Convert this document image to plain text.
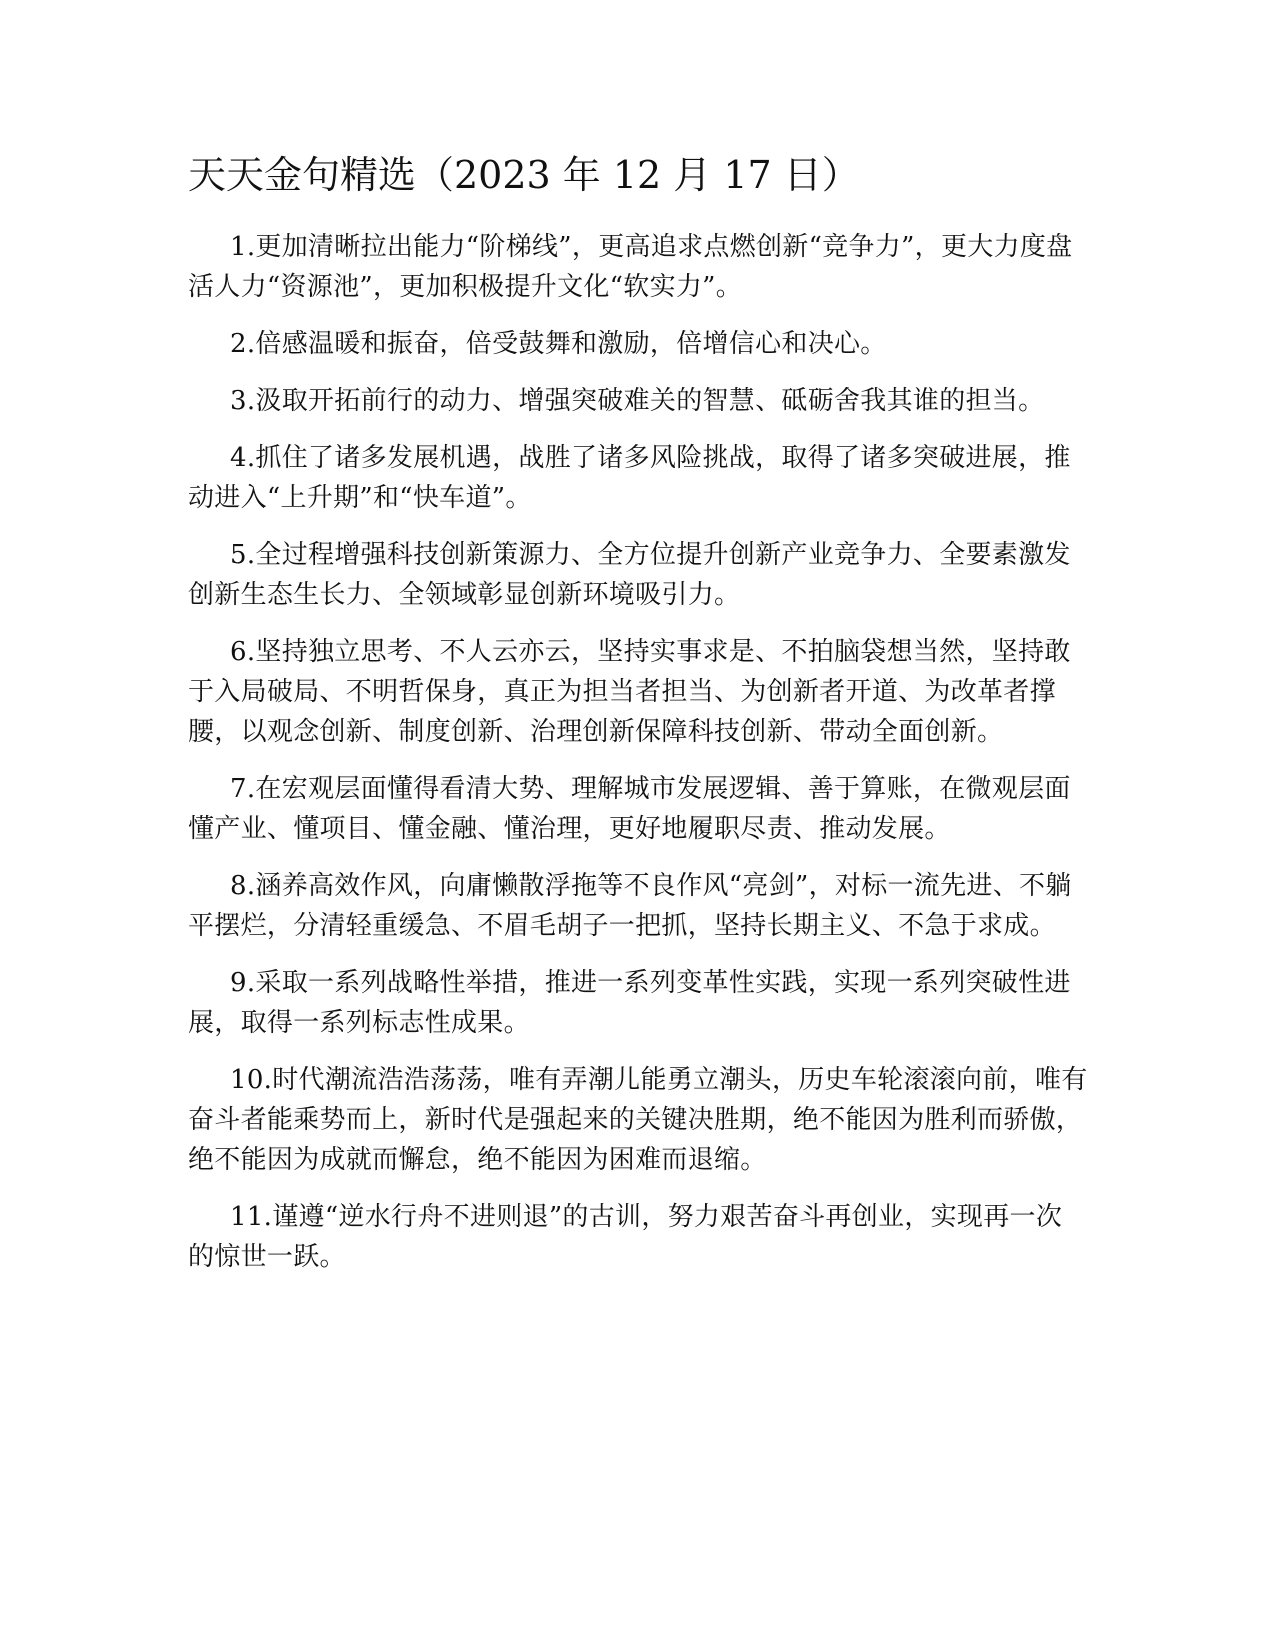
天天金句精选（2023 年 12 月 17 日）

1.更加清晰拉出能力“阶梯线”，更高追求点燃创新“竞争力”，更大力度盘活人力“资源池”，更加积极提升文化“软实力”。

2.倍感温暖和振奋，倍受鼓舞和激励，倍增信心和决心。

3.汲取开拓前行的动力、增强突破难关的智慧、砥砺舍我其谁的担当。

4.抓住了诸多发展机遇，战胜了诸多风险挑战，取得了诸多突破进展，推动进入“上升期”和“快车道”。

5.全过程增强科技创新策源力、全方位提升创新产业竞争力、全要素激发创新生态生长力、全领域彰显创新环境吸引力。

6.坚持独立思考、不人云亦云，坚持实事求是、不拍脑袋想当然，坚持敢于入局破局、不明哲保身，真正为担当者担当、为创新者开道、为改革者撑腰，以观念创新、制度创新、治理创新保障科技创新、带动全面创新。

7.在宏观层面懂得看清大势、理解城市发展逻辑、善于算账，在微观层面懂产业、懂项目、懂金融、懂治理，更好地履职尽责、推动发展。

8.涵养高效作风，向庸懒散浮拖等不良作风“亮剑”，对标一流先进、不躺平摆烂，分清轻重缓急、不眉毛胡子一把抓，坚持长期主义、不急于求成。

9.采取一系列战略性举措，推进一系列变革性实践，实现一系列突破性进展，取得一系列标志性成果。

10.时代潮流浩浩荡荡，唯有弄潮儿能勇立潮头，历史车轮滚滚向前，唯有奋斗者能乘势而上，新时代是强起来的关键决胜期，绝不能因为胜利而骄傲，绝不能因为成就而懈怠，绝不能因为困难而退缩。

11.谨遵“逆水行舟不进则退”的古训，努力艰苦奋斗再创业，实现再一次的惊世一跃。
